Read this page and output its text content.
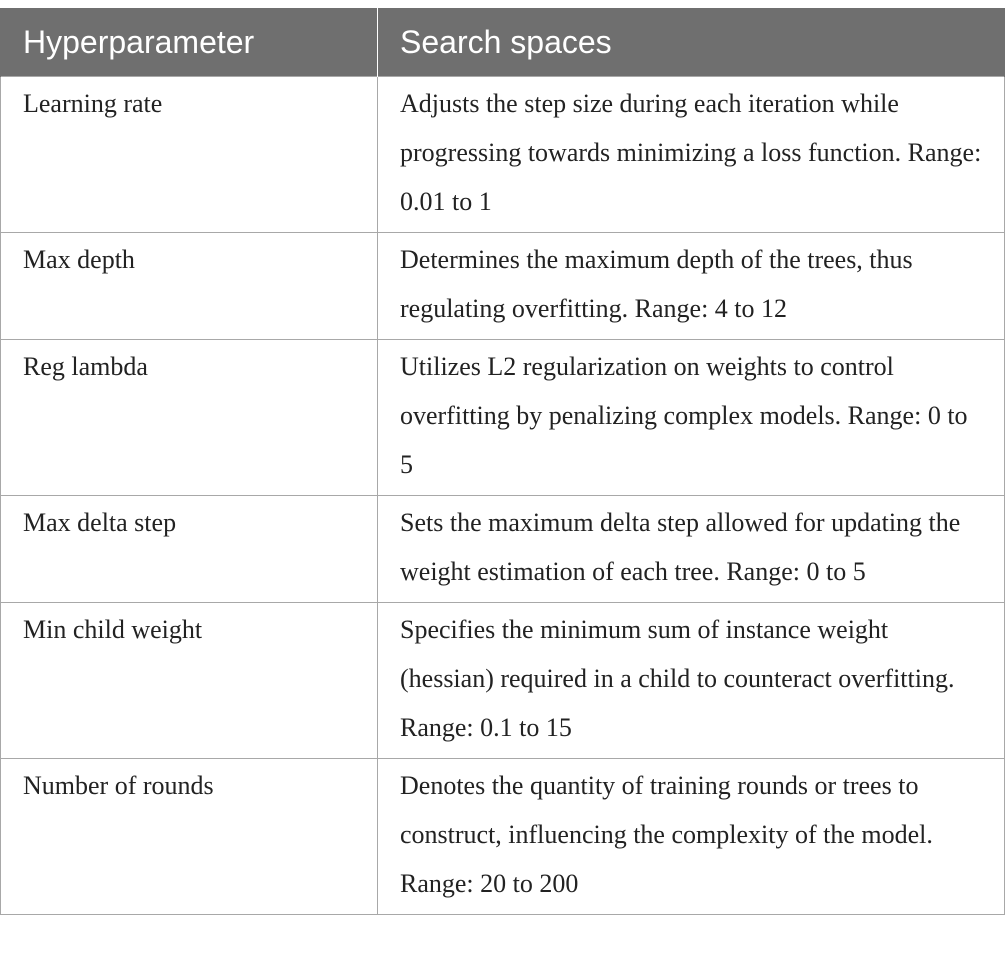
Hyperparameter	Search spaces
Learning rate	Adjusts the step size during each iteration while progressing towards minimizing a loss function. Range: 0.01 to 1
Max depth	Determines the maximum depth of the trees, thus regulating overfitting. Range: 4 to 12
Reg lambda	Utilizes L2 regularization on weights to control overfitting by penalizing complex models. Range: 0 to 5
Max delta step	Sets the maximum delta step allowed for updating the weight estimation of each tree. Range: 0 to 5
Min child weight	Specifies the minimum sum of instance weight (hessian) required in a child to counteract overfitting. Range: 0.1 to 15
Number of rounds	Denotes the quantity of training rounds or trees to construct, influencing the complexity of the model. Range: 20 to 200
